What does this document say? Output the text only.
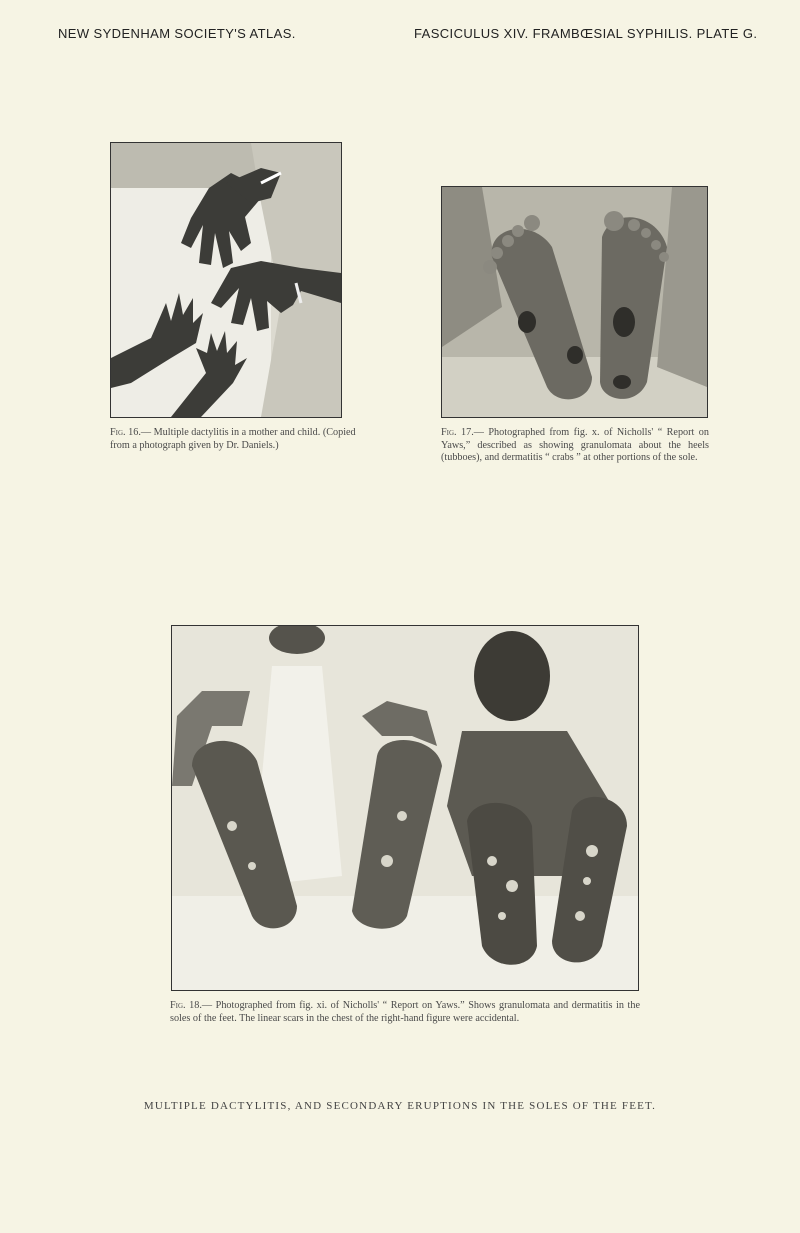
NEW SYDENHAM SOCIETY'S ATLAS.	FASCICULUS XIV. FRAMBŒSIAL SYPHILIS. PLATE G.
Fig. 16.— Multiple dactylitis in a mother and child. (Copied from a photograph given by Dr. Daniels.)
Fig. 17.— Photographed from fig. x. of Nicholls' “ Report on Yaws,” described as showing granulomata about the heels (tubboes), and dermatitis “ crabs ” at other portions of the sole.
Fig. 18.— Photographed from fig. xi. of Nicholls' “ Report on Yaws.” Shows granulomata and dermatitis in the soles of the feet. The linear scars in the chest of the right-hand figure were accidental.
MULTIPLE DACTYLITIS, AND SECONDARY ERUPTIONS IN THE SOLES OF THE FEET.
